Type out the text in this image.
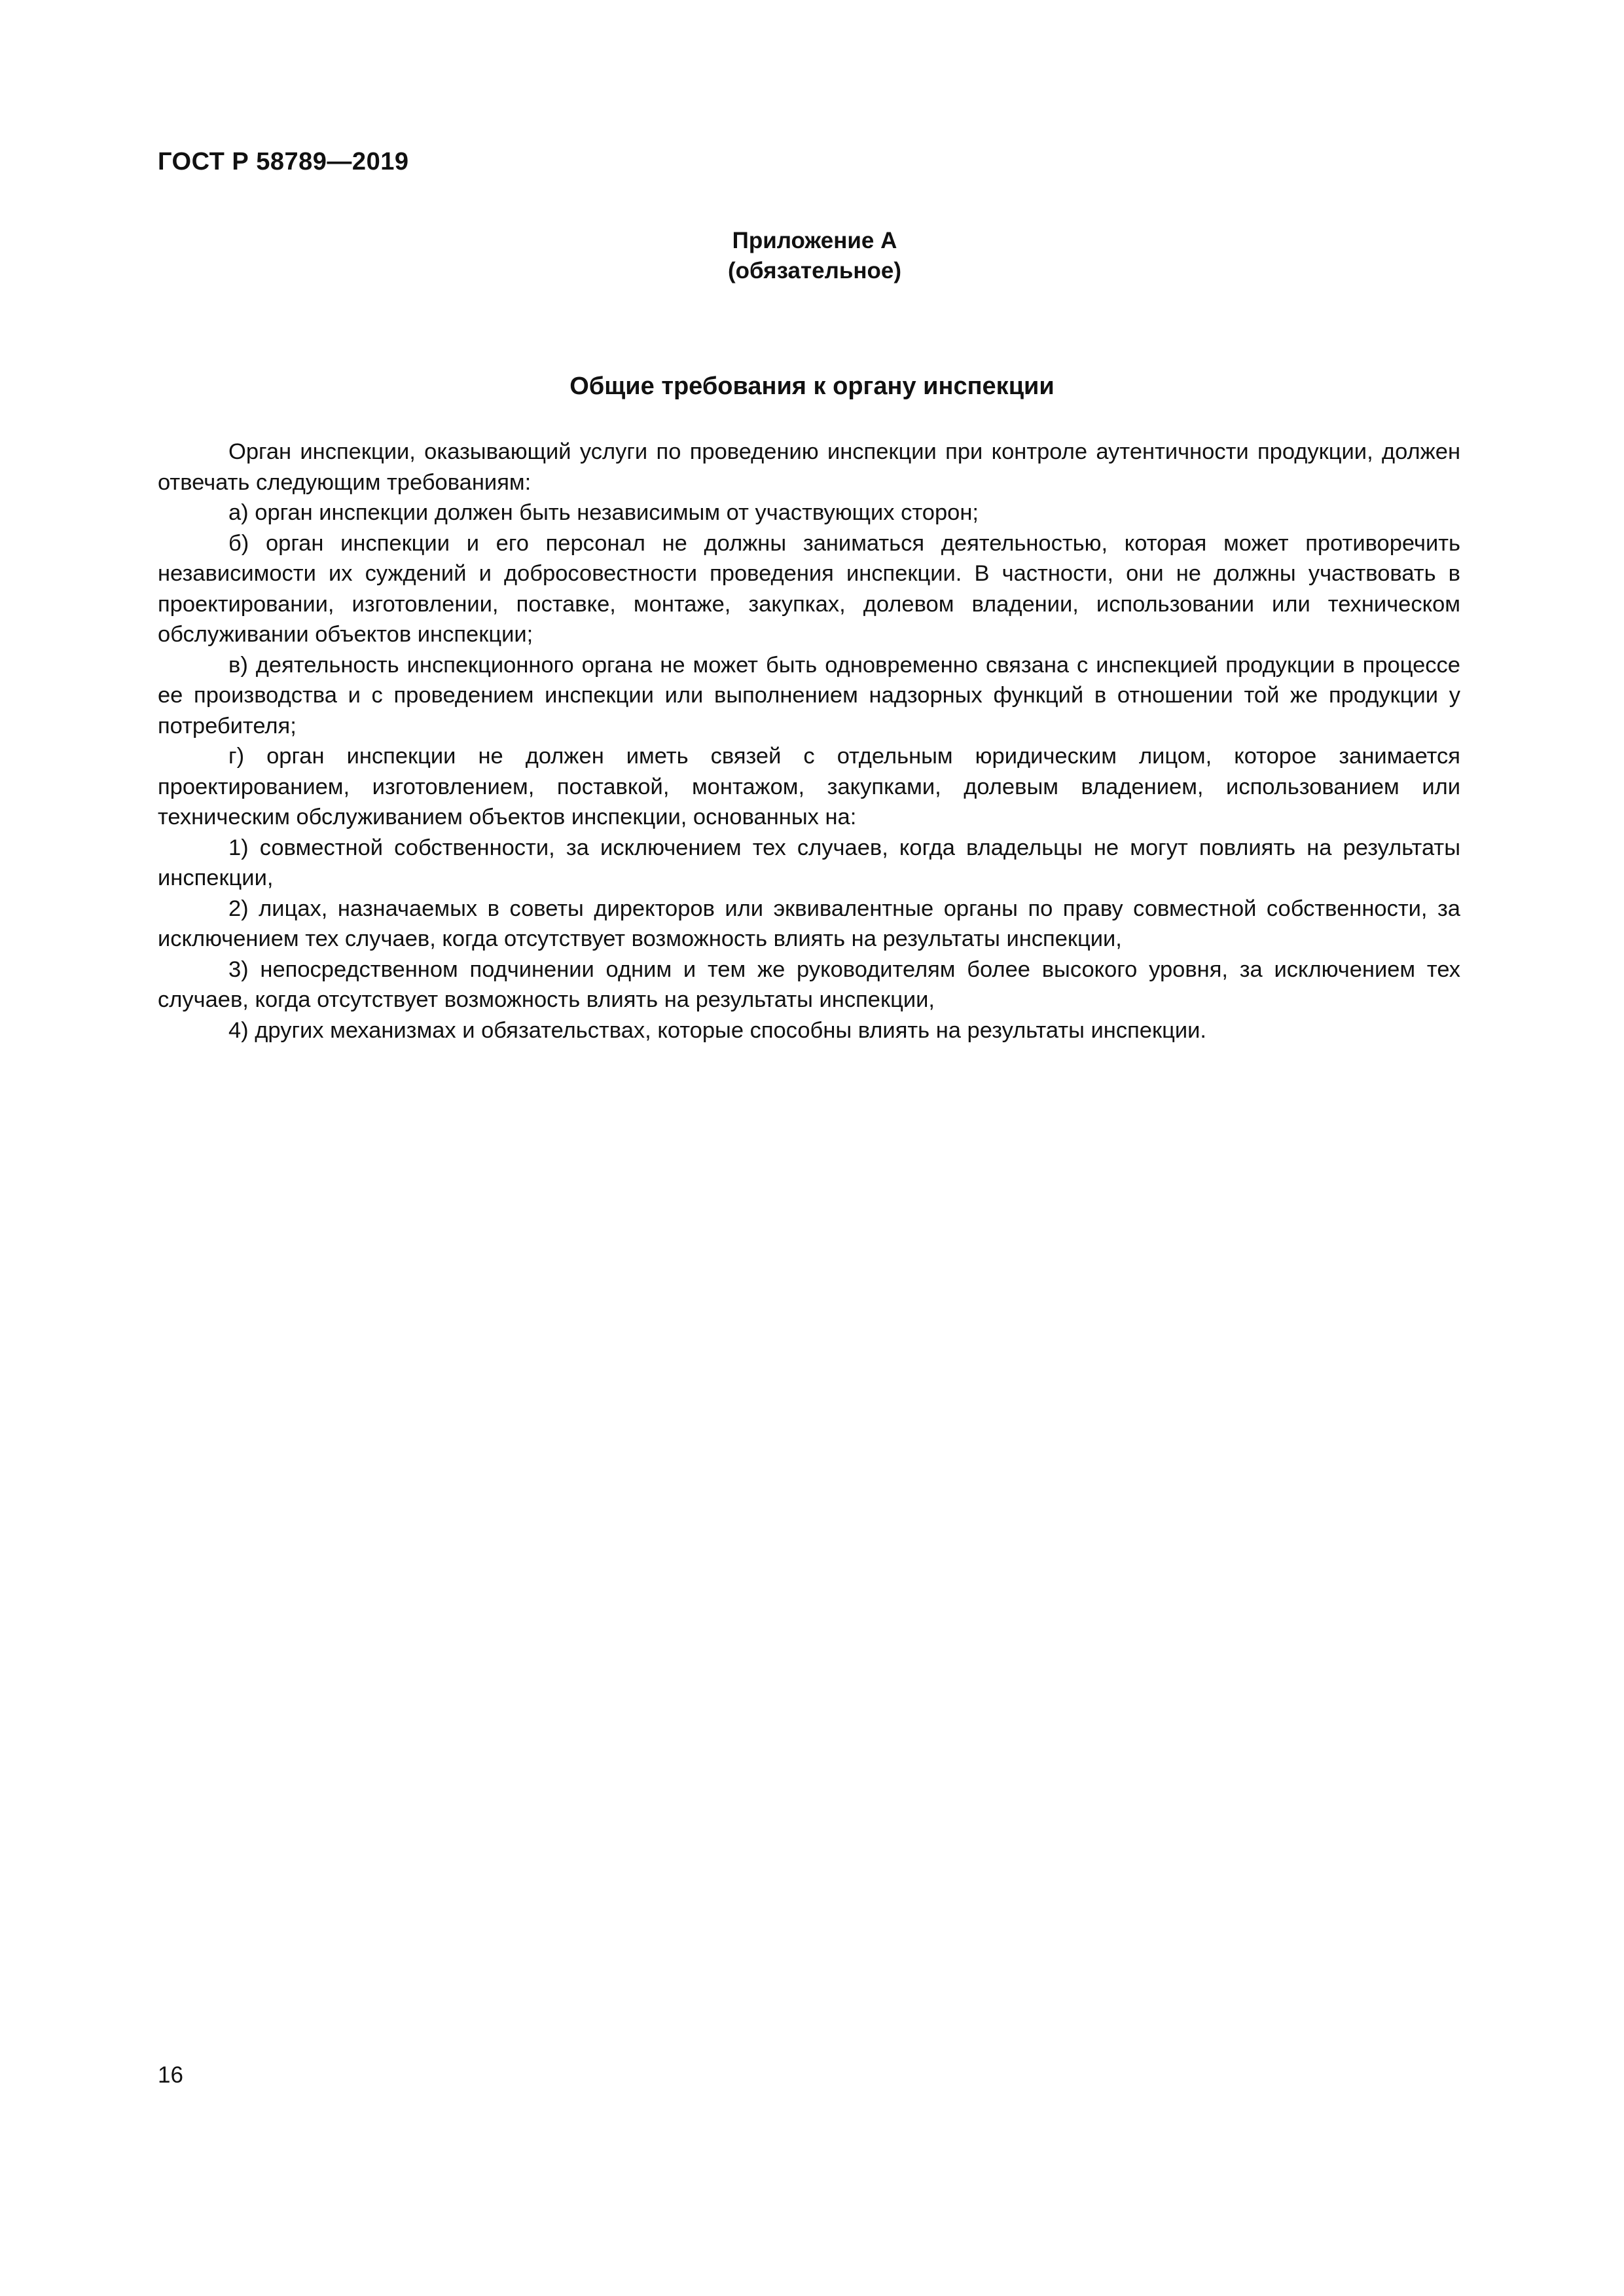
ГОСТ Р 58789—2019
Приложение А
(обязательное)
Общие требования к органу инспекции

Орган инспекции, оказывающий услуги по проведению инспекции при контроле аутентичности продукции, должен отвечать следующим требованиям:

а) орган инспекции должен быть независимым от участвующих сторон;

б) орган инспекции и его персонал не должны заниматься деятельностью, которая может противоречить независимости их суждений и добросовестности проведения инспекции. В частности, они не должны участвовать в проектировании, изготовлении, поставке, монтаже, закупках, долевом владении, использовании или техническом обслуживании объектов инспекции;

в) деятельность инспекционного органа не может быть одновременно связана с инспекцией продукции в процессе ее производства и с проведением инспекции или выполнением надзорных функций в отношении той же продукции у потребителя;

г) орган инспекции не должен иметь связей с отдельным юридическим лицом, которое занимается проектированием, изготовлением, поставкой, монтажом, закупками, долевым владением, использованием или техническим обслуживанием объектов инспекции, основанных на:

1) совместной собственности, за исключением тех случаев, когда владельцы не могут повлиять на результаты инспекции,

2) лицах, назначаемых в советы директоров или эквивалентные органы по праву совместной собственности, за исключением тех случаев, когда отсутствует возможность влиять на результаты инспекции,

3) непосредственном подчинении одним и тем же руководителям более высокого уровня, за исключением тех случаев, когда отсутствует возможность влиять на результаты инспекции,

4) других механизмах и обязательствах, которые способны влиять на результаты инспекции.

16
